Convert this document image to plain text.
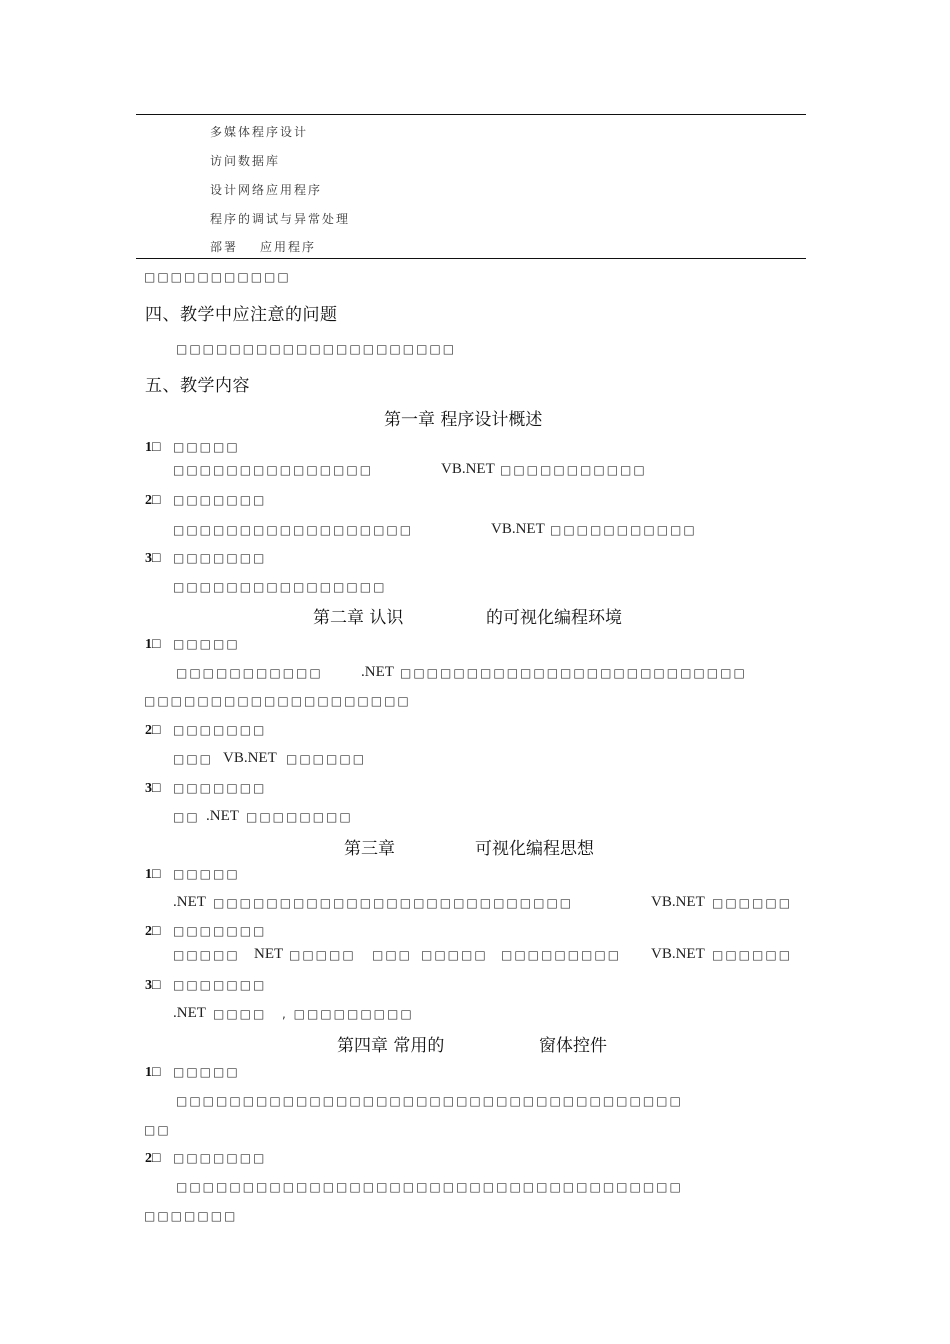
多媒体程序设计
访问数据库
设计网络应用程序
程序的调试与异常处理
部署 应用程序
□□□□□□□□□□□
四、教学中应注意的问题
□□□□□□□□□□□□□□□□□□□□□
五、教学内容
第一章 程序设计概述
1□ □□□□□
□□□□□□□□□□□□□□□	VB.NET □□□□□□□□□□□
2□ □□□□□□□
□□□□□□□□□□□□□□□□□□	VB.NET □□□□□□□□□□□
3□ □□□□□□□
□□□□□□□□□□□□□□□□
第二章 认识	的可视化编程环境
1□ □□□□□
□□□□□□□□□□□	.NET □□□□□□□□□□□□□□□□□□□□□□□□□□
□□□□□□□□□□□□□□□□□□□□
2□ □□□□□□□
□□□ VB.NET □□□□□□
3□ □□□□□□□
□□ .NET □□□□□□□□
第三章	可视化编程思想
1□ □□□□□
.NET □□□□□□□□□□□□□□□□□□□□□□□□□□□	VB.NET □□□□□□
2□ □□□□□□□
□□□□□ NET □□□□□ □□□ □□□□□ □□□□□□□□□ VB.NET □□□□□□
3□ □□□□□□□
.NET □□□□ , □□□□□□□□□
第四章 常用的	窗体控件
1□ □□□□□
□□□□□□□□□□□□□□□□□□□□□□□□□□□□□□□□□□□□□□
□□
2□ □□□□□□□
□□□□□□□□□□□□□□□□□□□□□□□□□□□□□□□□□□□□□□
□□□□□□□
